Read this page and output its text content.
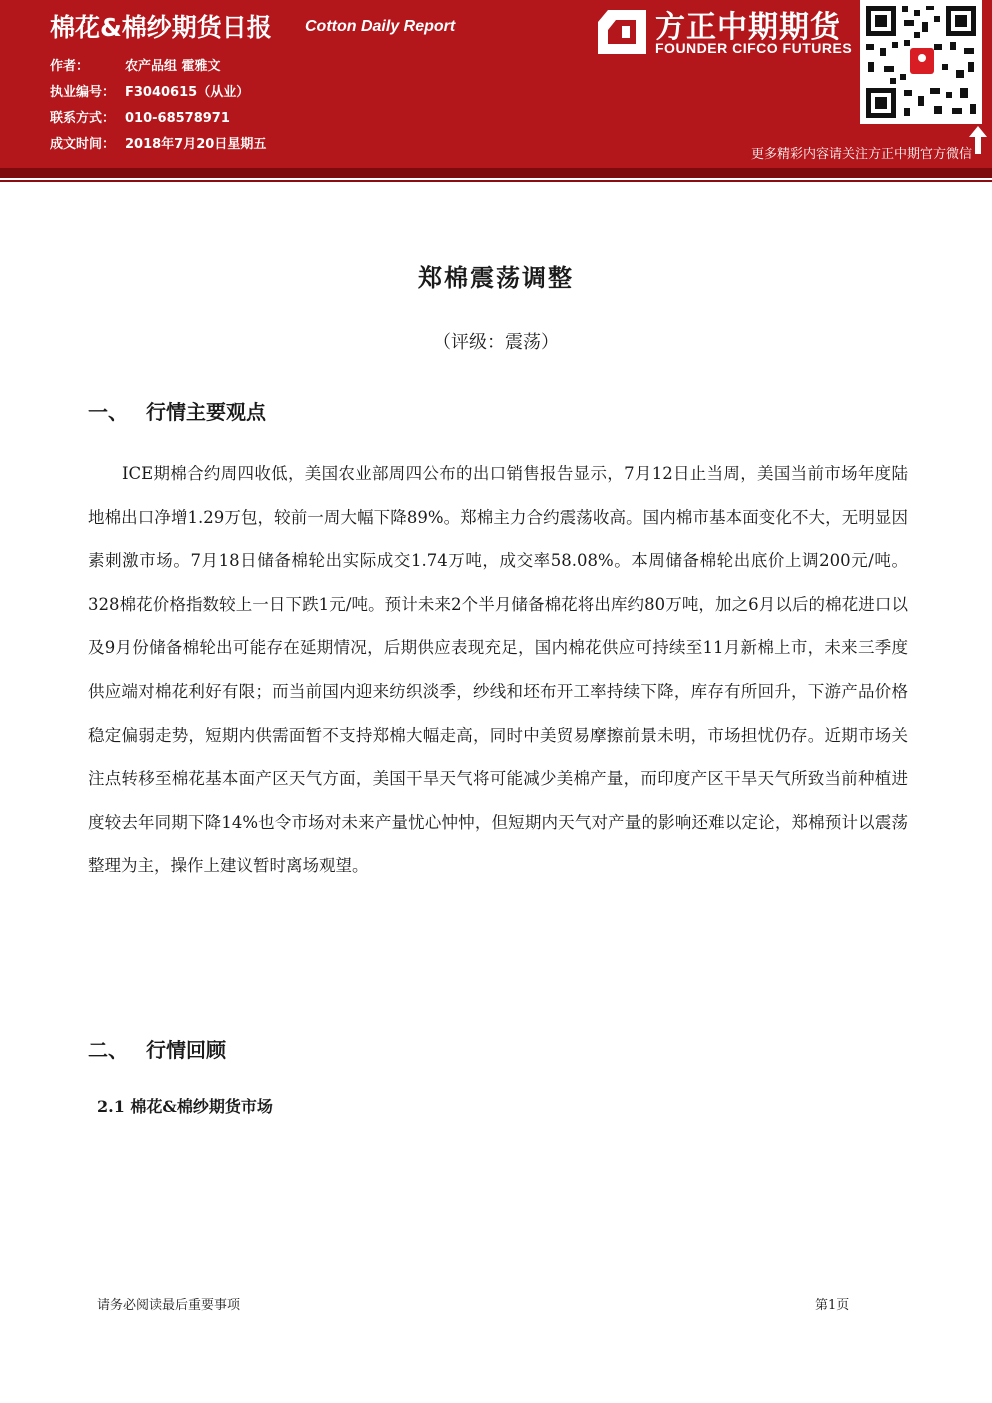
棉花&棉纱期货日报 Cotton Daily Report
作者：	农产品组 霍雅文
执业编号： F3040615（从业）
联系方式： 010-68578971
成文时间： 2018年7月20日星期五
方正中期期货
FOUNDER CIFCO FUTURES
更多精彩内容请关注方正中期官方微信
郑棉震荡调整
（评级：震荡）
一、 行情主要观点

ICE期棉合约周四收低，美国农业部周四公布的出口销售报告显示，7月12日止当周，美国当前市场年度陆地棉出口净增1.29万包，较前一周大幅下降89%。郑棉主力合约震荡收高。国内棉市基本面变化不大，无明显因素刺激市场。7月18日储备棉轮出实际成交1.74万吨，成交率58.08%。本周储备棉轮出底价上调200元/吨。328棉花价格指数较上一日下跌1元/吨。预计未来2个半月储备棉花将出库约80万吨，加之6月以后的棉花进口以及9月份储备棉轮出可能存在延期情况，后期供应表现充足，国内棉花供应可持续至11月新棉上市，未来三季度供应端对棉花利好有限；而当前国内迎来纺织淡季，纱线和坯布开工率持续下降，库存有所回升，下游产品价格稳定偏弱走势，短期内供需面暂不支持郑棉大幅走高，同时中美贸易摩擦前景未明，市场担忧仍存。近期市场关注点转移至棉花基本面产区天气方面，美国干旱天气将可能减少美棉产量，而印度产区干旱天气所致当前种植进度较去年同期下降14%也令市场对未来产量忧心忡忡，但短期内天气对产量的影响还难以定论，郑棉预计以震荡整理为主，操作上建议暂时离场观望。

二、 行情回顾
2.1 棉花&棉纱期货市场
请务必阅读最后重要事项	第1页
